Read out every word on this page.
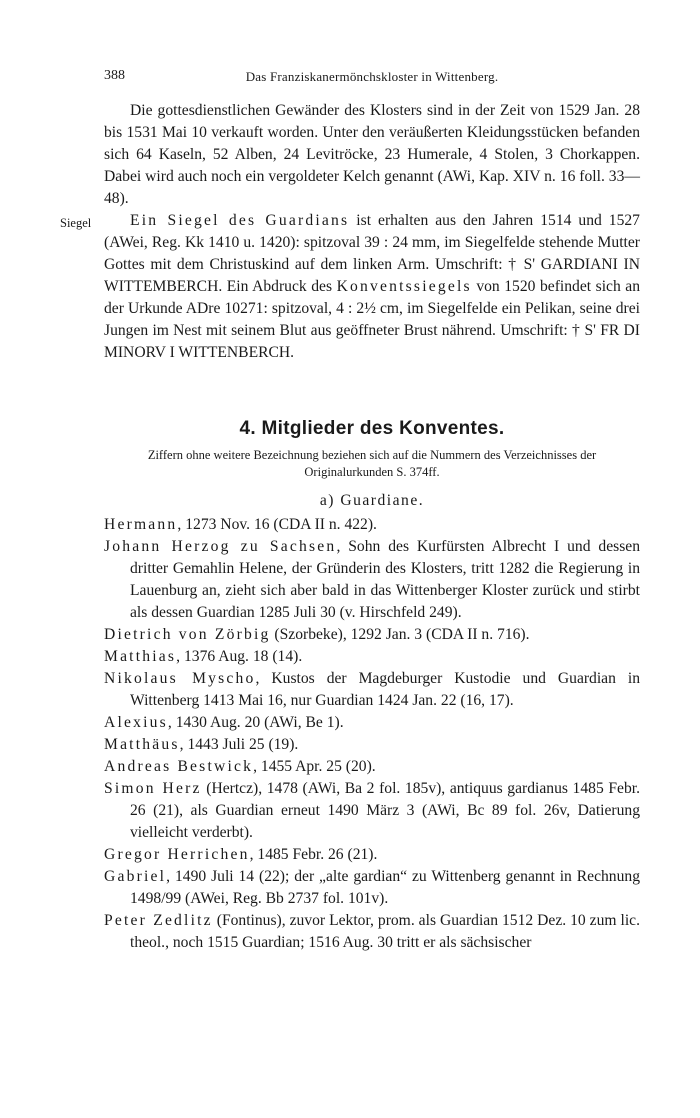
388	Das Franziskanermönchskloster in Wittenberg.

Die gottesdienstlichen Gewänder des Klosters sind in der Zeit von 1529 Jan. 28 bis 1531 Mai 10 verkauft worden. Unter den veräußerten Kleidungsstücken befanden sich 64 Kaseln, 52 Alben, 24 Levitröcke, 23 Humerale, 4 Stolen, 3 Chorkappen. Dabei wird auch noch ein vergoldeter Kelch genannt (AWi, Kap. XIV n. 16 foll. 33—48).

Siegel	Ein Siegel des Guardians ist erhalten aus den Jahren 1514 und 1527 (AWei, Reg. Kk 1410 u. 1420): spitzoval 39 : 24 mm, im Siegelfelde stehende Mutter Gottes mit dem Christuskind auf dem linken Arm. Umschrift: † S' GARDIANI IN WITTEMBERCH. Ein Abdruck des Konventssiegels von 1520 befindet sich an der Urkunde ADre 10271: spitzoval, 4 : 2½ cm, im Siegelfelde ein Pelikan, seine drei Jungen im Nest mit seinem Blut aus geöffneter Brust nährend. Umschrift: † S' FR DI MINORV I WITTENBERCH.

4. Mitglieder des Konventes.
Ziffern ohne weitere Bezeichnung beziehen sich auf die Nummern des Verzeichnisses der Originalurkunden S. 374ff.
a) Guardiane.

Hermann, 1273 Nov. 16 (CDA II n. 422).

Johann Herzog zu Sachsen, Sohn des Kurfürsten Albrecht I und dessen dritter Gemahlin Helene, der Gründerin des Klosters, tritt 1282 die Regierung in Lauenburg an, zieht sich aber bald in das Wittenberger Kloster zurück und stirbt als dessen Guardian 1285 Juli 30 (v. Hirschfeld 249).

Dietrich von Zörbig (Szorbeke), 1292 Jan. 3 (CDA II n. 716).

Matthias, 1376 Aug. 18 (14).

Nikolaus Myscho, Kustos der Magdeburger Kustodie und Guardian in Wittenberg 1413 Mai 16, nur Guardian 1424 Jan. 22 (16, 17).

Alexius, 1430 Aug. 20 (AWi, Be 1).

Matthäus, 1443 Juli 25 (19).

Andreas Bestwick, 1455 Apr. 25 (20).

Simon Herz (Hertcz), 1478 (AWi, Ba 2 fol. 185v), antiquus gardianus 1485 Febr. 26 (21), als Guardian erneut 1490 März 3 (AWi, Bc 89 fol. 26v, Datierung vielleicht verderbt).

Gregor Herrichen, 1485 Febr. 26 (21).

Gabriel, 1490 Juli 14 (22); der „alte gardian“ zu Wittenberg genannt in Rechnung 1498/99 (AWei, Reg. Bb 2737 fol. 101v).

Peter Zedlitz (Fontinus), zuvor Lektor, prom. als Guardian 1512 Dez. 10 zum lic. theol., noch 1515 Guardian; 1516 Aug. 30 tritt er als sächsischer
